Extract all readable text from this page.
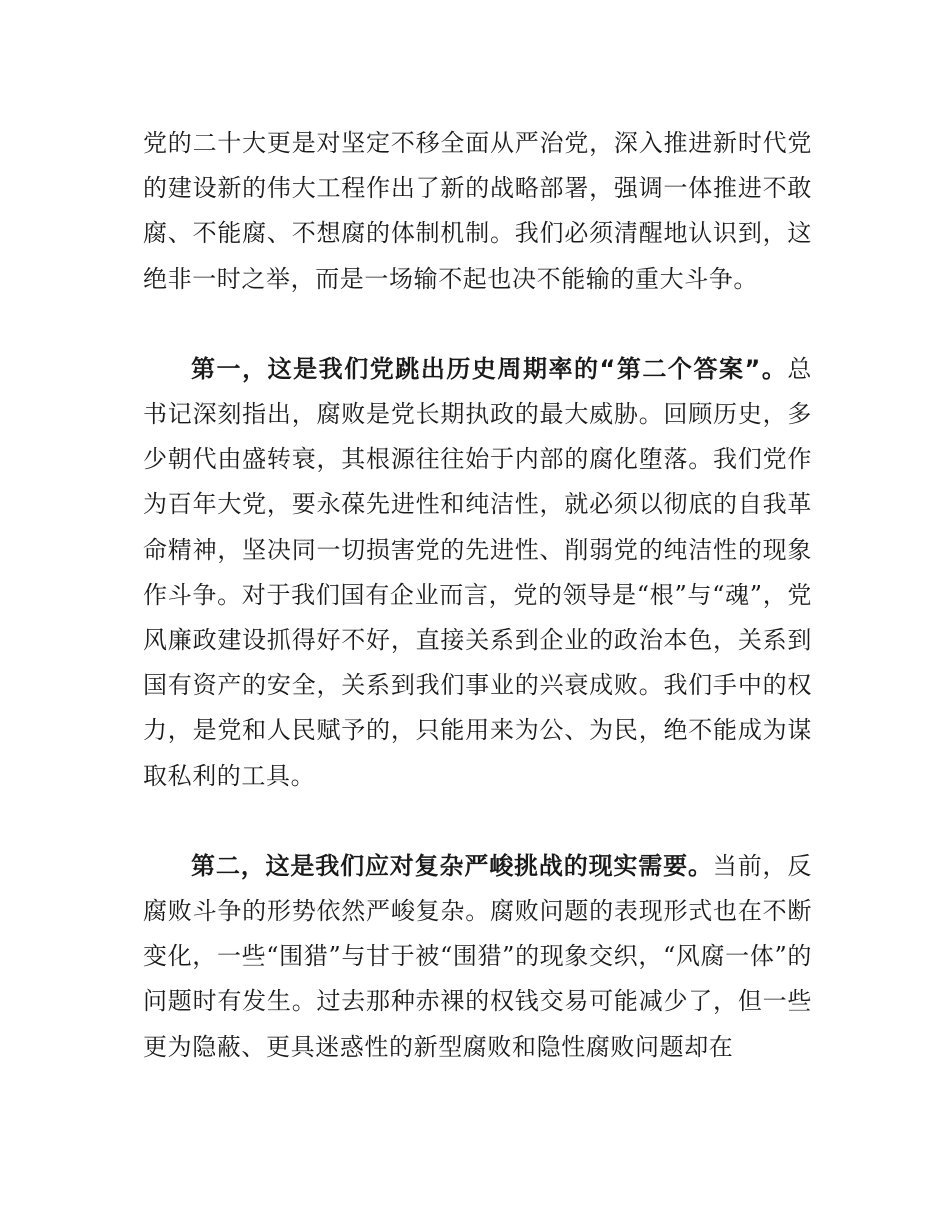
党的二十大更是对坚定不移全面从严治党，深入推进新时代党的建设新的伟大工程作出了新的战略部署，强调一体推进不敢腐、不能腐、不想腐的体制机制。我们必须清醒地认识到，这绝非一时之举，而是一场输不起也决不能输的重大斗争。

第一，这是我们党跳出历史周期率的“第二个答案”。总书记深刻指出，腐败是党长期执政的最大威胁。回顾历史，多少朝代由盛转衰，其根源往往始于内部的腐化堕落。我们党作为百年大党，要永葆先进性和纯洁性，就必须以彻底的自我革命精神，坚决同一切损害党的先进性、削弱党的纯洁性的现象作斗争。对于我们国有企业而言，党的领导是“根”与“魂”，党风廉政建设抓得好不好，直接关系到企业的政治本色，关系到国有资产的安全，关系到我们事业的兴衰成败。我们手中的权力，是党和人民赋予的，只能用来为公、为民，绝不能成为谋取私利的工具。

第二，这是我们应对复杂严峻挑战的现实需要。当前，反腐败斗争的形势依然严峻复杂。腐败问题的表现形式也在不断变化，一些“围猎”与甘于被“围猎”的现象交织，“风腐一体”的问题时有发生。过去那种赤裸的权钱交易可能减少了，但一些更为隐蔽、更具迷惑性的新型腐败和隐性腐败问题却在
